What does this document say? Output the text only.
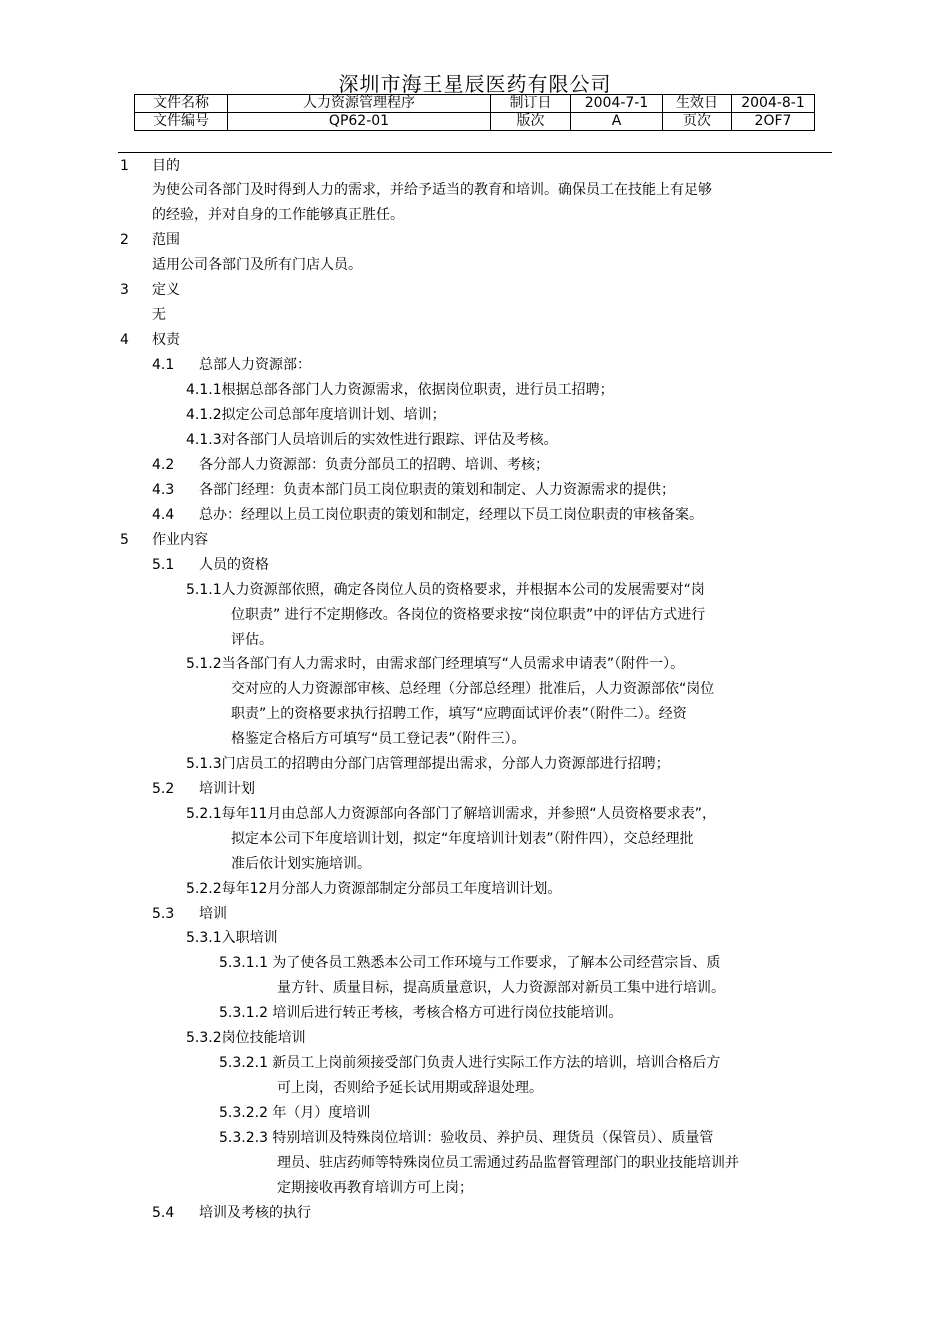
深圳市海王星辰医药有限公司
文件名称	人力资源管理程序	制订日	2004-7-1	生效日	2004-8-1
文件编号	QP62-01	版次	A	页次	2OF7
1 目的
为使公司各部门及时得到人力的需求，并给予适当的教育和培训。确保员工在技能上有足够
的经验，并对自身的工作能够真正胜任。
2 范围
适用公司各部门及所有门店人员。
3 定义
无
4 权责
4.1 总部人力资源部：
4.1.1根据总部各部门人力资源需求，依据岗位职责，进行员工招聘；
4.1.2拟定公司总部年度培训计划、培训；
4.1.3对各部门人员培训后的实效性进行跟踪、评估及考核。
4.2 各分部人力资源部：负责分部员工的招聘、培训、考核；
4.3 各部门经理：负责本部门员工岗位职责的策划和制定、人力资源需求的提供；
4.4 总办：经理以上员工岗位职责的策划和制定，经理以下员工岗位职责的审核备案。
5 作业内容
5.1 人员的资格
5.1.1人力资源部依照，确定各岗位人员的资格要求，并根据本公司的发展需要对“岗
位职责” 进行不定期修改。各岗位的资格要求按“岗位职责”中的评估方式进行
评估。
5.1.2当各部门有人力需求时，由需求部门经理填写“人员需求申请表”（附件一）。
交对应的人力资源部审核、总经理（分部总经理）批准后，人力资源部依“岗位
职责”上的资格要求执行招聘工作，填写“应聘面试评价表”（附件二）。经资
格鉴定合格后方可填写“员工登记表”（附件三）。
5.1.3门店员工的招聘由分部门店管理部提出需求，分部人力资源部进行招聘；
5.2 培训计划
5.2.1每年11月由总部人力资源部向各部门了解培训需求，并参照“人员资格要求表”，
拟定本公司下年度培训计划，拟定“年度培训计划表”（附件四），交总经理批
准后依计划实施培训。
5.2.2每年12月分部人力资源部制定分部员工年度培训计划。
5.3 培训
5.3.1入职培训
5.3.1.1 为了使各员工熟悉本公司工作环境与工作要求，了解本公司经营宗旨、质
量方针、质量目标，提高质量意识，人力资源部对新员工集中进行培训。
5.3.1.2 培训后进行转正考核，考核合格方可进行岗位技能培训。
5.3.2岗位技能培训
5.3.2.1 新员工上岗前须接受部门负责人进行实际工作方法的培训，培训合格后方
可上岗，否则给予延长试用期或辞退处理。
5.3.2.2 年（月）度培训
5.3.2.3 特别培训及特殊岗位培训：验收员、养护员、理货员（保管员）、质量管
理员、驻店药师等特殊岗位员工需通过药品监督管理部门的职业技能培训并
定期接收再教育培训方可上岗；
5.4 培训及考核的执行
